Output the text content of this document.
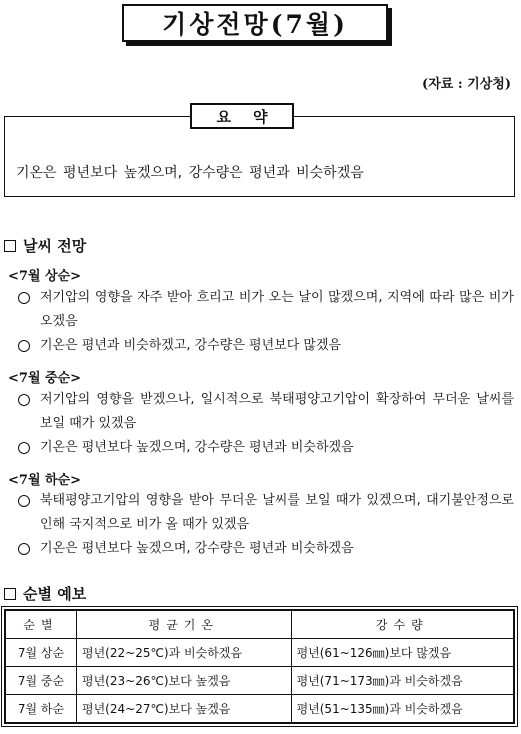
기상전망(7월)
(자료 : 기상청)
요약
기온은 평년보다 높겠으며, 강수량은 평년과 비슷하겠음
날씨 전망
<7월 상순>
저기압의 영향을 자주 받아 흐리고 비가 오는 날이 많겠으며, 지역에 따라 많은 비가 오겠음
기온은 평년과 비슷하겠고, 강수량은 평년보다 많겠음
<7월 중순>
저기압의 영향을 받겠으나, 일시적으로 북태평양고기압이 확장하여 무더운 날씨를 보일 때가 있겠음
기온은 평년보다 높겠으며, 강수량은 평년과 비슷하겠음
<7월 하순>
북태평양고기압의 영향을 받아 무더운 날씨를 보일 때가 있겠으며, 대기불안정으로 인해 국지적으로 비가 올 때가 있겠음
기온은 평년보다 높겠으며, 강수량은 평년과 비슷하겠음
순별 예보
순별	평균기온	강수량
7월 상순	평년(22~25℃)과 비슷하겠음	평년(61~126㎜)보다 많겠음
7월 중순	평년(23~26℃)보다 높겠음	평년(71~173㎜)과 비슷하겠음
7월 하순	평년(24~27℃)보다 높겠음	평년(51~135㎜)과 비슷하겠음
